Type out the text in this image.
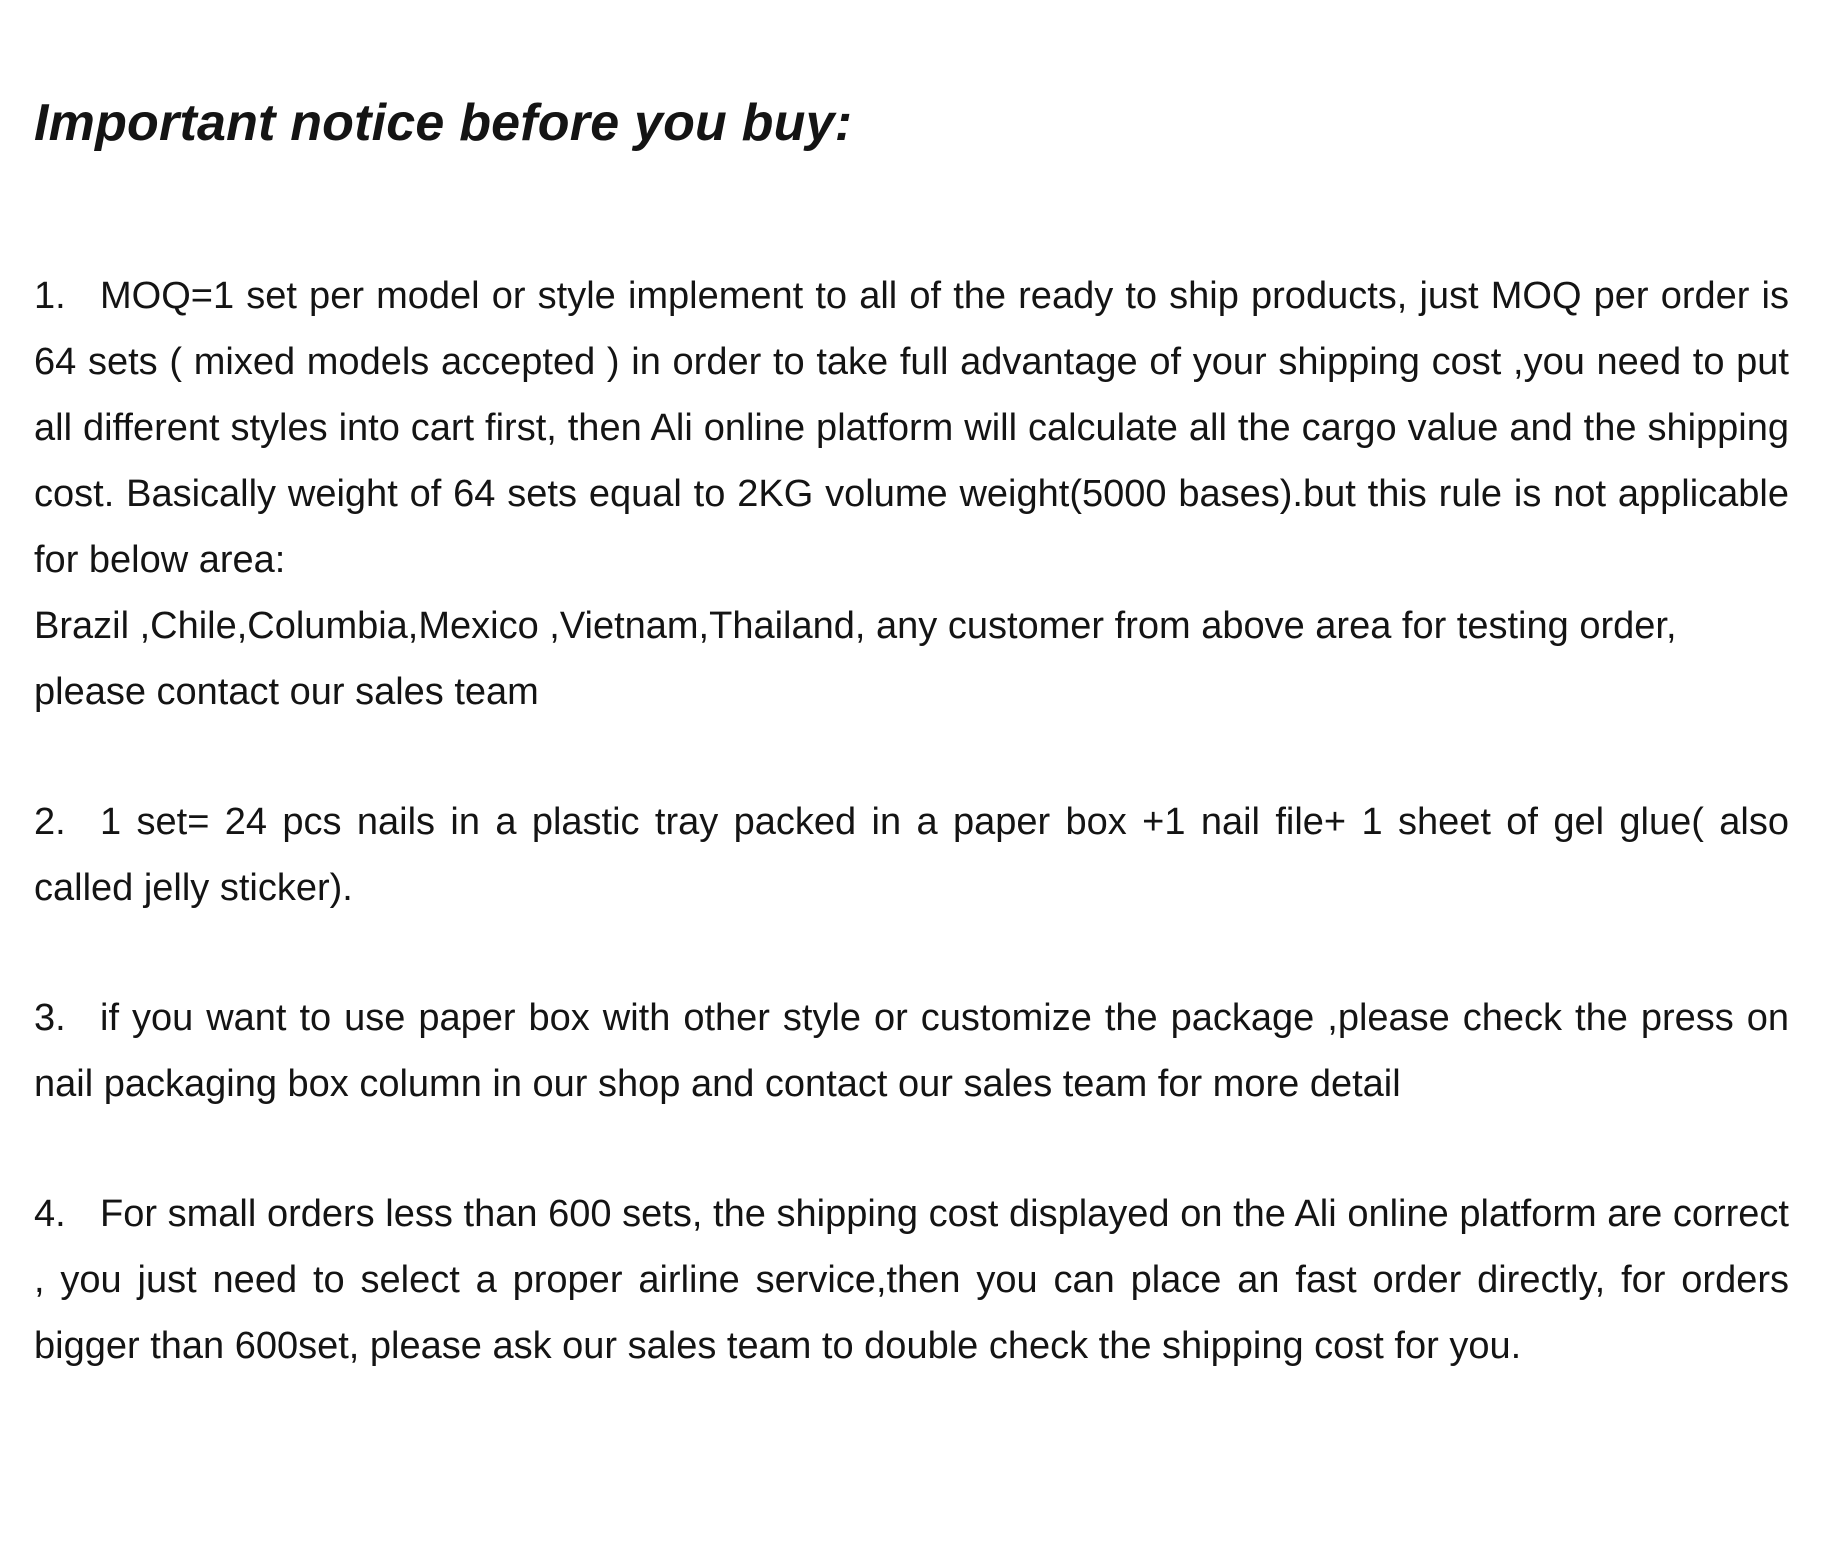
Important notice before you buy:

1. MOQ=1 set per model or style implement to all of the ready to ship products, just MOQ per order is 64 sets ( mixed models accepted ) in order to take full advantage of your shipping cost ,you need to put all different styles into cart first, then Ali online platform will calculate all the cargo value and the shipping cost. Basically weight of 64 sets equal to 2KG volume weight(5000 bases).but this rule is not applicable for below area:

Brazil ,Chile,Columbia,Mexico ,Vietnam,Thailand, any customer from above area for testing order, please contact our sales team

2. 1 set= 24 pcs nails in a plastic tray packed in a paper box +1 nail file+ 1 sheet of gel glue( also called jelly sticker).

3. if you want to use paper box with other style or customize the package ,please check the press on nail packaging box column in our shop and contact our sales team for more detail

4. For small orders less than 600 sets, the shipping cost displayed on the Ali online platform are correct , you just need to select a proper airline service,then you can place an fast order directly, for orders bigger than 600set, please ask our sales team to double check the shipping cost for you.
